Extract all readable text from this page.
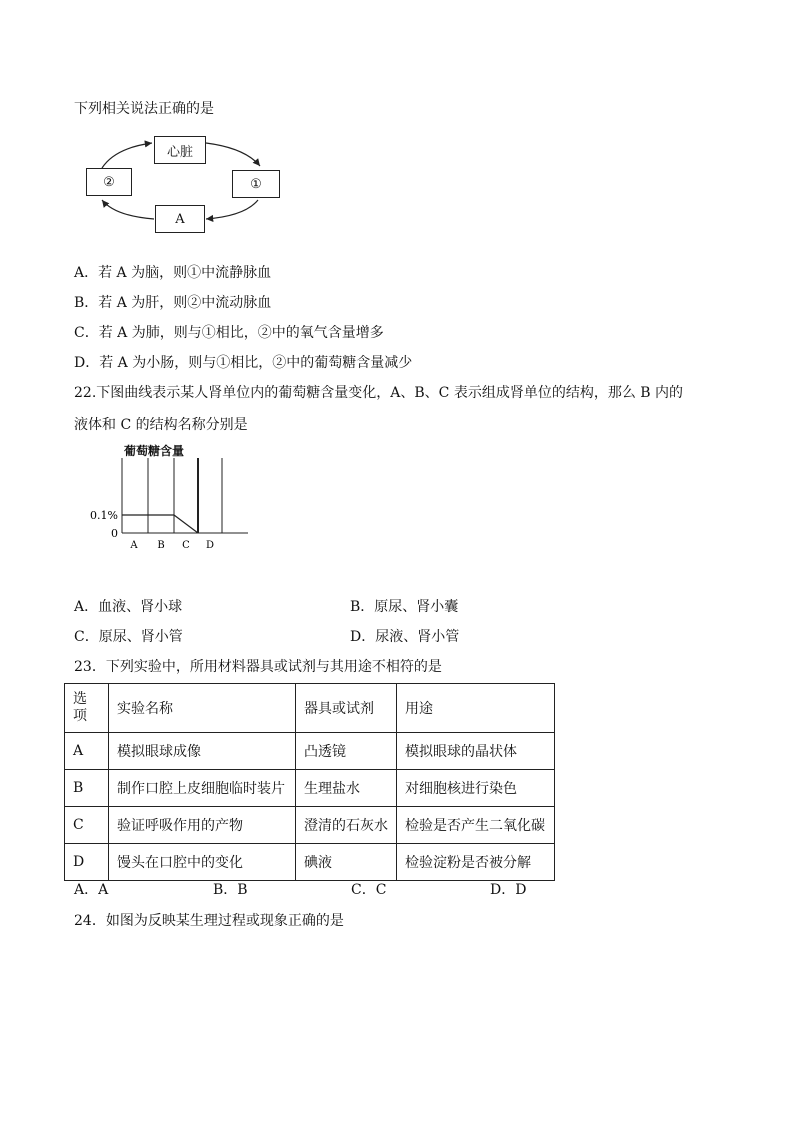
下列相关说法正确的是
心脏
②	①
A
A．若 A 为脑，则①中流静脉血
B．若 A 为肝，则②中流动脉血
C．若 A 为肺，则与①相比，②中的氧气含量增多
D．若 A 为小肠，则与①相比，②中的葡萄糖含量减少
22.下图曲线表示某人肾单位内的葡萄糖含量变化，A、B、C 表示组成肾单位的结构，那么 B 内的
液体和 C 的结构名称分别是
葡萄糖含量
0.1%
0
A B C D
A．血液、肾小球	B．原尿、肾小囊
C．原尿、肾小管	D．尿液、肾小管
23．下列实验中，所用材料器具或试剂与其用途不相符的是
选项	实验名称	器具或试剂	用途
A	模拟眼球成像	凸透镜	模拟眼球的晶状体
B	制作口腔上皮细胞临时装片	生理盐水	对细胞核进行染色
C	验证呼吸作用的产物	澄清的石灰水	检验是否产生二氧化碳
D	馒头在口腔中的变化	碘液	检验淀粉是否被分解
A．A	B．B	C．C	D．D
24．如图为反映某生理过程或现象正确的是
